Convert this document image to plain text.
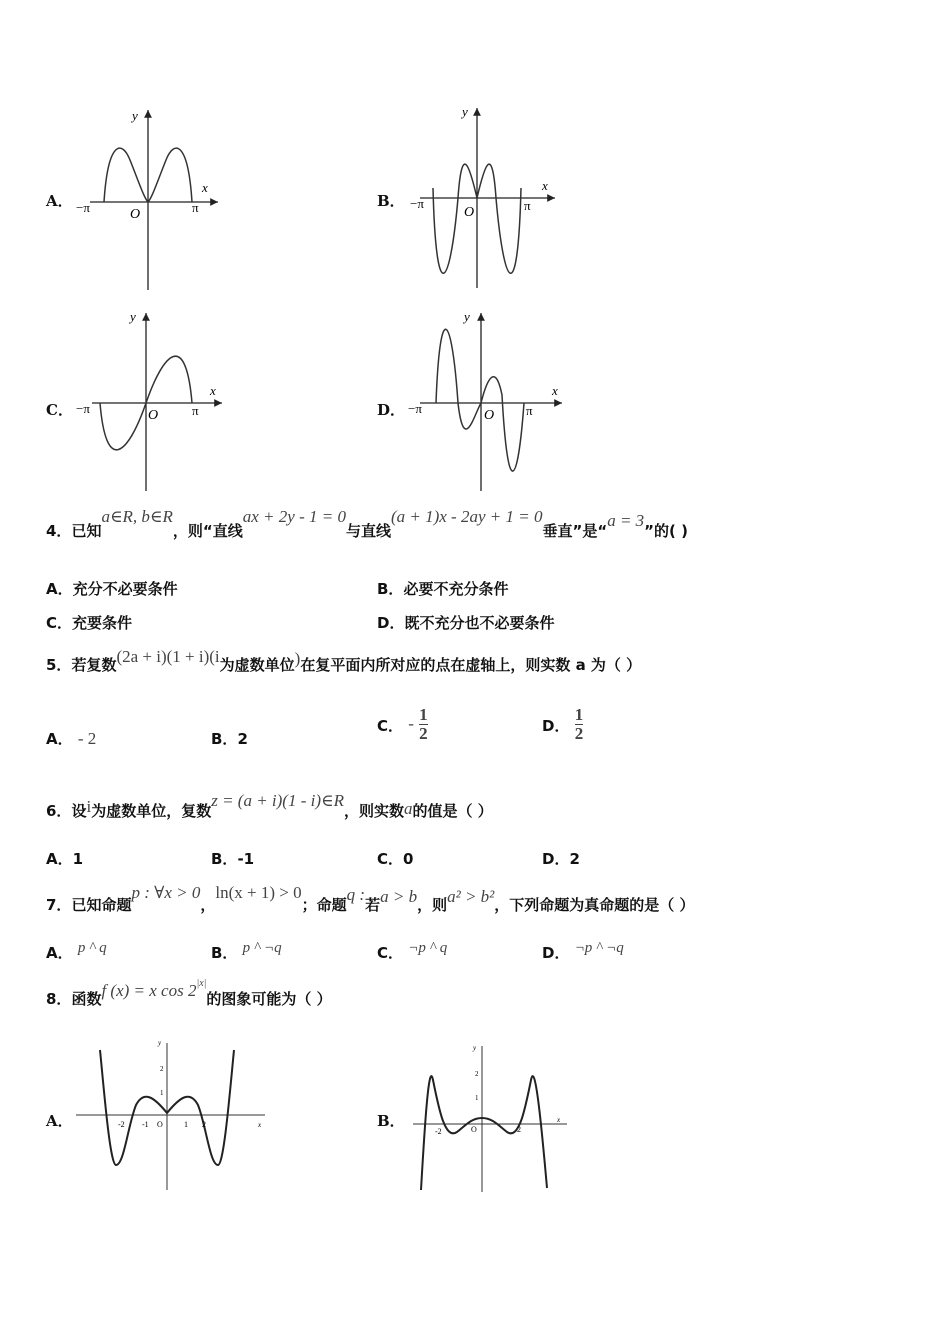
A． −π	π
O
x
y
B． −π	π
O
x
y
C． −π	π
O
x
y
D． −π	π
O
x
y
4．已知a∈R, b∈R，则“直线ax + 2y - 1 = 0与直线(a + 1)x - 2ay + 1 = 0垂直”是“a = 3”的( )
A．充分不必要条件	B．必要不充分条件
C．充要条件	D．既不充分也不必要条件
5．若复数(2a + i)(1 + i)(i为虚数单位)在复平面内所对应的点在虚轴上，则实数 a 为（ ）
A． - 2	B．2
C． - $\frac{1}{2}$	D． $\frac{1}{2}$
6．设i为虚数单位，复数z = (a + i)(1 - i)∈R，则实数a的值是（ ）
A．1	B．-1	C．0	D．2
7．已知命题p : ∀x > 0，ln(x + 1) > 0；命题q :若a > b，则a² > b²，下列命题为真命题的是（ ）
A． p ^ q	B． p ^ ¬q	C． ¬p ^ q	D． ¬p ^ ¬q
8．函数f (x) = x $\cos 2^{|x|}$的图象可能为（ ）
A．	-2 -1 O	1 2
2
1
x
y
B．
-2	O	2
2
1
x
y
